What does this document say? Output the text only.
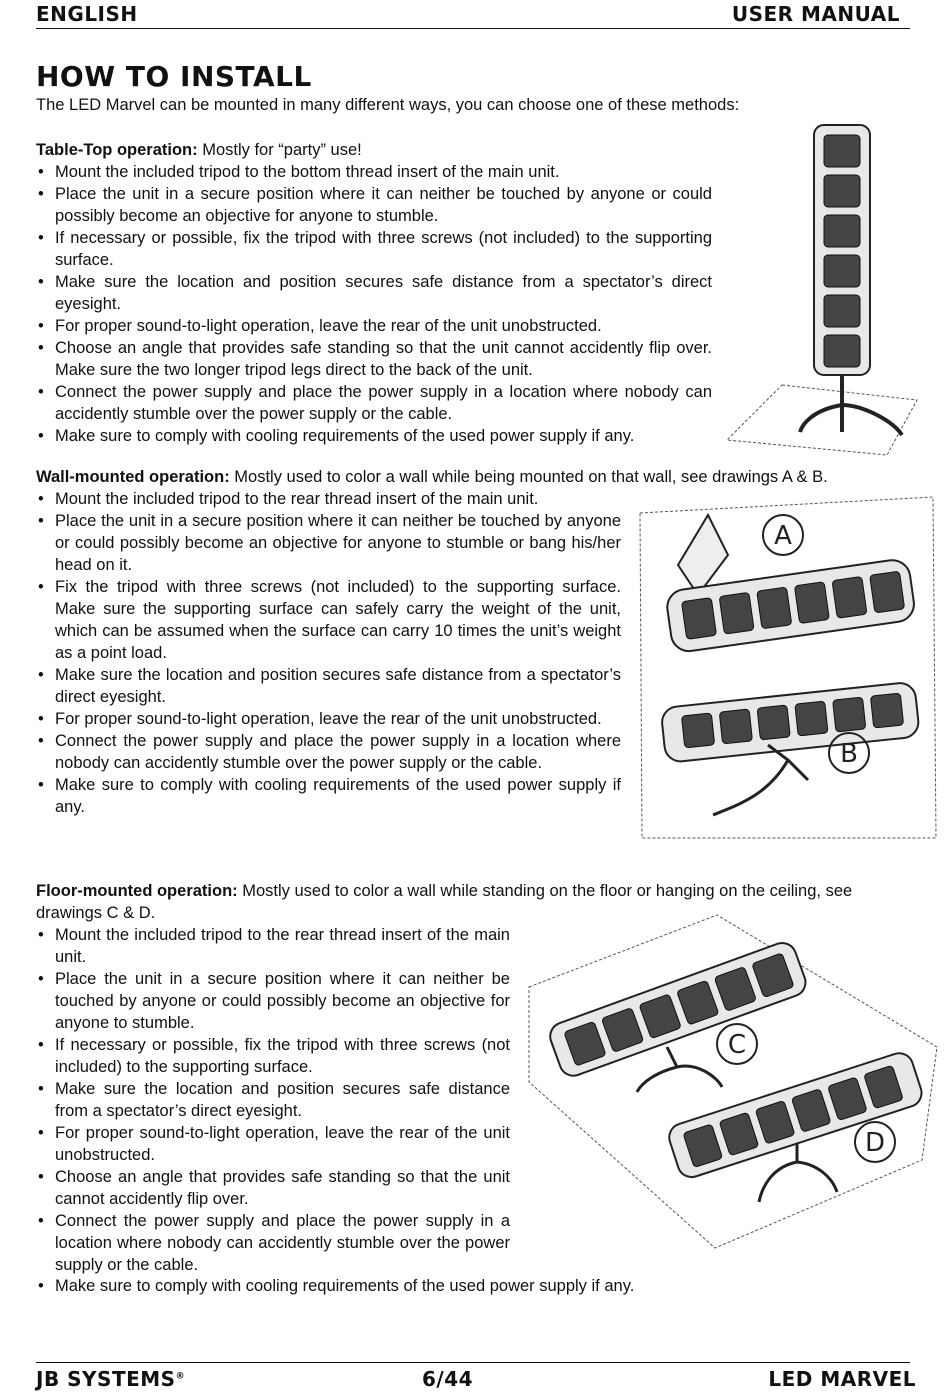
ENGLISH	USER MANUAL
HOW TO INSTALL
The LED Marvel can be mounted in many different ways, you can choose one of these methods:

Table-Top operation: Mostly for “party” use!

• Mount the included tripod to the bottom thread insert of the main unit.
• Place the unit in a secure position where it can neither be touched by anyone or could possibly become an objective for anyone to stumble.
• If necessary or possible, fix the tripod with three screws (not included) to the supporting surface.
• Make sure the location and position secures safe distance from a spectator’s direct eyesight.
• For proper sound-to-light operation, leave the rear of the unit unobstructed.
• Choose an angle that provides safe standing so that the unit cannot accidently flip over. Make sure the two longer tripod legs direct to the back of the unit.
• Connect the power supply and place the power supply in a location where nobody can accidently stumble over the power supply or the cable.
• Make sure to comply with cooling requirements of the used power supply if any.

Wall-mounted operation: Mostly used to color a wall while being mounted on that wall, see drawings A & B.

• Mount the included tripod to the rear thread insert of the main unit.
• Place the unit in a secure position where it can neither be touched by anyone or could possibly become an objective for anyone to stumble or bang his/her head on it.
• Fix the tripod with three screws (not included) to the supporting surface. Make sure the supporting surface can safely carry the weight of the unit, which can be assumed when the surface can carry 10 times the unit’s weight as a point load.
• Make sure the location and position secures safe distance from a spectator’s direct eyesight.
• For proper sound-to-light operation, leave the rear of the unit unobstructed.
• Connect the power supply and place the power supply in a location where nobody can accidently stumble over the power supply or the cable.
• Make sure to comply with cooling requirements of the used power supply if any.

Floor-mounted operation: Mostly used to color a wall while standing on the floor or hanging on the ceiling, see drawings C & D.

• Mount the included tripod to the rear thread insert of the main unit.
• Place the unit in a secure position where it can neither be touched by anyone or could possibly become an objective for anyone to stumble.
• If necessary or possible, fix the tripod with three screws (not included) to the supporting surface.
• Make sure the location and position secures safe distance from a spectator’s direct eyesight.
• For proper sound-to-light operation, leave the rear of the unit unobstructed.
• Choose an angle that provides safe standing so that the unit cannot accidently flip over.
• Connect the power supply and place the power supply in a location where nobody can accidently stumble over the power supply or the cable.
• Make sure to comply with cooling requirements of the used power supply if any.
A
B
C
D
JB SYSTEMS®	6/44	LED MARVEL
